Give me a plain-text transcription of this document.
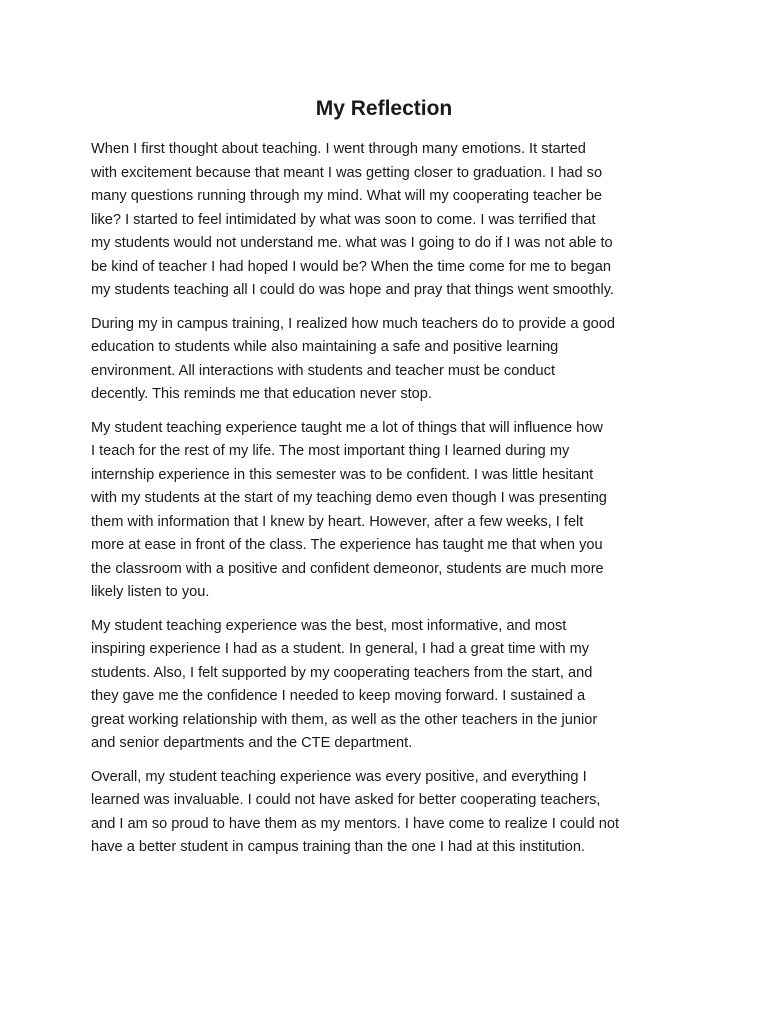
My Reflection

When I first thought about teaching. I went through many emotions. It started
with excitement because that meant I was getting closer to graduation. I had so
many questions running through my mind. What will my cooperating teacher be
like? I started to feel intimidated by what was soon to come. I was terrified that
my students would not understand me. what was I going to do if I was not able to
be kind of teacher I had hoped I would be? When the time come for me to began
my students teaching all I could do was hope and pray that things went smoothly.

During my in campus training, I realized how much teachers do to provide a good
education to students while also maintaining a safe and positive learning
environment. All interactions with students and teacher must be conduct
decently. This reminds me that education never stop.

My student teaching experience taught me a lot of things that will influence how
I teach for the rest of my life. The most important thing I learned during my
internship experience in this semester was to be confident. I was little hesitant
with my students at the start of my teaching demo even though I was presenting
them with information that I knew by heart. However, after a few weeks, I felt
more at ease in front of the class. The experience has taught me that when you
the classroom with a positive and confident demeonor, students are much more
likely listen to you.

My student teaching experience was the best, most informative, and most
inspiring experience I had as a student. In general, I had a great time with my
students. Also, I felt supported by my cooperating teachers from the start, and
they gave me the confidence I needed to keep moving forward. I sustained a
great working relationship with them, as well as the other teachers in the junior
and senior departments and the CTE department.

Overall, my student teaching experience was every positive, and everything I
learned was invaluable. I could not have asked for better cooperating teachers,
and I am so proud to have them as my mentors. I have come to realize I could not
have a better student in campus training than the one I had at this institution.
